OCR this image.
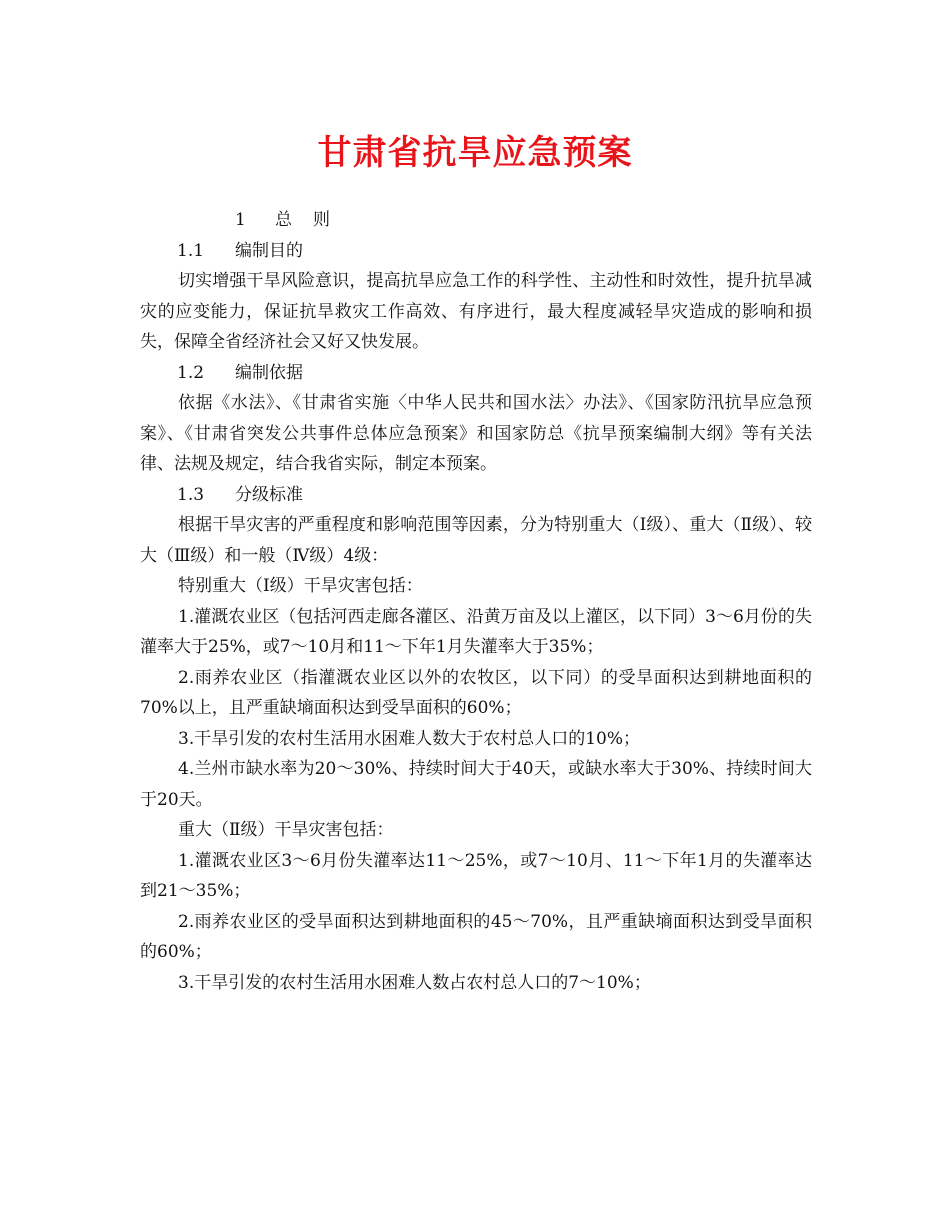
甘肃省抗旱应急预案

1 总 则

1.1 编制目的

切实增强干旱风险意识，提高抗旱应急工作的科学性、主动性和时效性，提升抗旱减灾的应变能力，保证抗旱救灾工作高效、有序进行，最大程度减轻旱灾造成的影响和损失，保障全省经济社会又好又快发展。

1.2 编制依据

依据《水法》、《甘肃省实施〈中华人民共和国水法〉办法》、《国家防汛抗旱应急预案》、《甘肃省突发公共事件总体应急预案》和国家防总《抗旱预案编制大纲》等有关法律、法规及规定，结合我省实际，制定本预案。

1.3 分级标准

根据干旱灾害的严重程度和影响范围等因素，分为特别重大（Ⅰ级）、重大（Ⅱ级）、较大（Ⅲ级）和一般（Ⅳ级）4级：

特别重大（Ⅰ级）干旱灾害包括：

1.灌溉农业区（包括河西走廊各灌区、沿黄万亩及以上灌区，以下同）3～6月份的失灌率大于25%，或7～10月和11～下年1月失灌率大于35%；

2.雨养农业区（指灌溉农业区以外的农牧区，以下同）的受旱面积达到耕地面积的70%以上，且严重缺墒面积达到受旱面积的60%；

3.干旱引发的农村生活用水困难人数大于农村总人口的10%；

4.兰州市缺水率为20～30%、持续时间大于40天，或缺水率大于30%、持续时间大于20天。

重大（Ⅱ级）干旱灾害包括：

1.灌溉农业区3～6月份失灌率达11～25%，或7～10月、11～下年1月的失灌率达到21～35%；

2.雨养农业区的受旱面积达到耕地面积的45～70%，且严重缺墒面积达到受旱面积的60%；

3.干旱引发的农村生活用水困难人数占农村总人口的7～10%；
